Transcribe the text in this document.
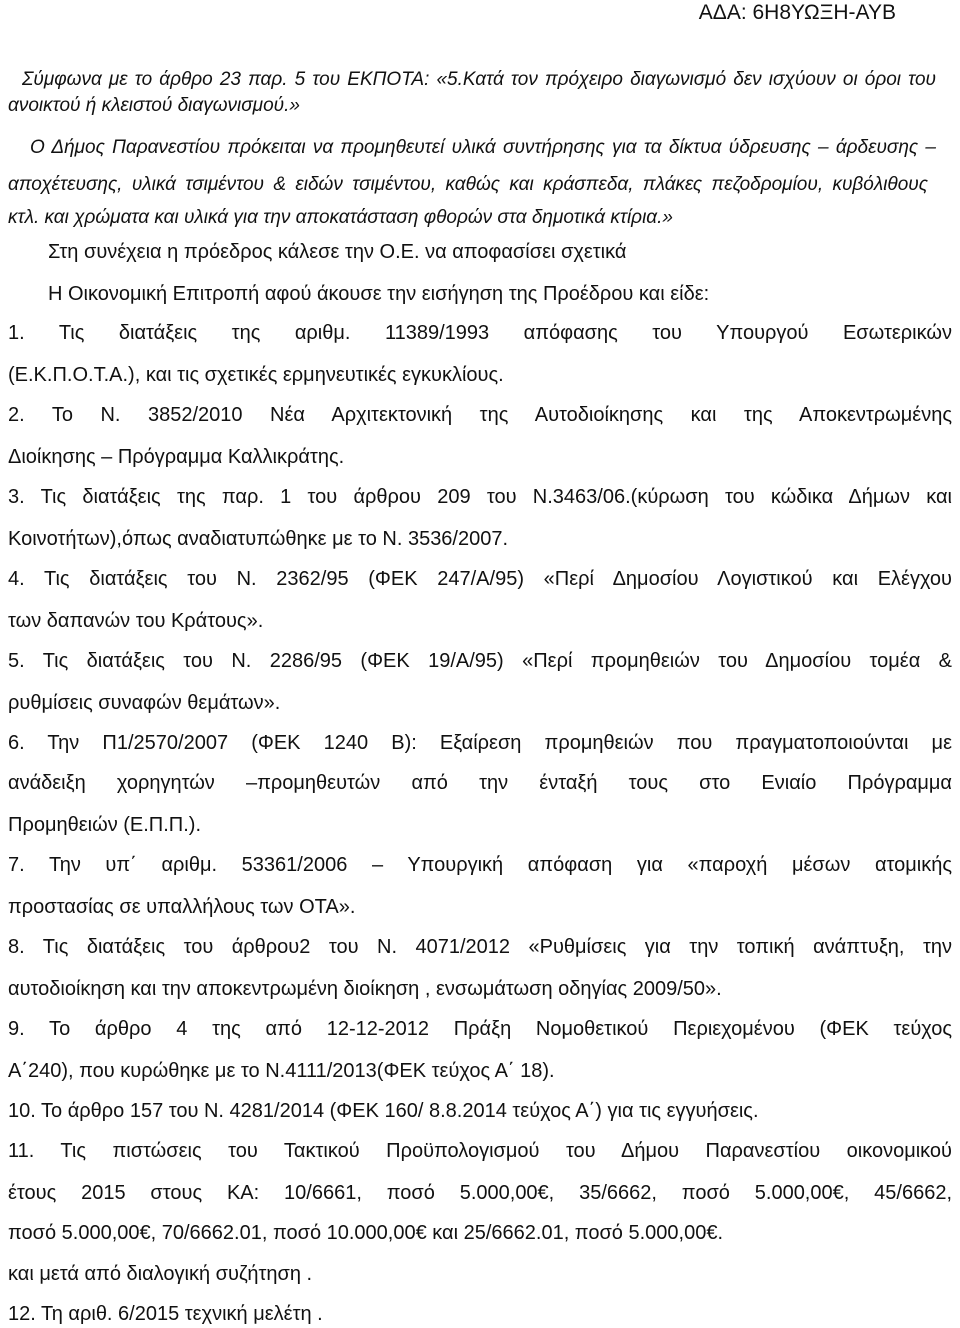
ΑΔΑ: 6Η8ΥΩΞΗ-ΑΥΒ
Σύμφωνα με το άρθρο 23 παρ. 5 του ΕΚΠΟΤΑ: «5.Κατά τον πρόχειρο διαγωνισμό δεν ισχύουν οι όροι του
ανοικτού ή κλειστού διαγωνισμού.»
Ο Δήμος Παρανεστίου πρόκειται να προμηθευτεί υλικά συντήρησης για τα δίκτυα ύδρευσης – άρδευσης –
αποχέτευσης, υλικά τσιμέντου & ειδών τσιμέντου, καθώς και κράσπεδα, πλάκες πεζοδρομίου, κυβόλιθους
κτλ. και χρώματα και υλικά για την αποκατάσταση φθορών στα δημοτικά κτίρια.»
Στη συνέχεια η πρόεδρος κάλεσε την Ο.Ε. να αποφασίσει σχετικά
Η Οικονομική Επιτροπή αφού άκουσε την εισήγηση της Προέδρου και είδε:
1. Τις διατάξεις της αριθμ. 11389/1993 απόφασης του Υπουργού Εσωτερικών
(Ε.Κ.Π.Ο.Τ.Α.), και τις σχετικές ερμηνευτικές εγκυκλίους.
2. Το Ν. 3852/2010 Νέα Αρχιτεκτονική της Αυτοδιοίκησης και της Αποκεντρωμένης
Διοίκησης – Πρόγραμμα Καλλικράτης.
3. Τις διατάξεις της παρ. 1 του άρθρου 209 του Ν.3463/06.(κύρωση του κώδικα Δήμων και
Κοινοτήτων),όπως αναδιατυπώθηκε με το Ν. 3536/2007.
4. Τις διατάξεις του Ν. 2362/95 (ΦΕΚ 247/Α/95) «Περί Δημοσίου Λογιστικού και Ελέγχου
των δαπανών του Κράτους».
5. Τις διατάξεις του Ν. 2286/95 (ΦΕΚ 19/Α/95) «Περί προμηθειών του Δημοσίου τομέα &
ρυθμίσεις συναφών θεμάτων».
6. Την Π1/2570/2007 (ΦΕΚ 1240 Β): Εξαίρεση προμηθειών που πραγματοποιούνται με
ανάδειξη χορηγητών –προμηθευτών από την ένταξή τους στο Ενιαίο Πρόγραμμα
Προμηθειών (Ε.Π.Π.).
7. Την υπ΄ αριθμ. 53361/2006 – Υπουργική απόφαση για «παροχή μέσων ατομικής
προστασίας σε υπαλλήλους των ΟΤΑ».
8. Τις διατάξεις του άρθρου2 του Ν. 4071/2012 «Ρυθμίσεις για την τοπική ανάπτυξη, την
αυτοδιοίκηση και την αποκεντρωμένη διοίκηση , ενσωμάτωση οδηγίας 2009/50».
9. Το άρθρο 4 της από 12-12-2012 Πράξη Νομοθετικού Περιεχομένου (ΦΕΚ τεύχος
Α΄240), που κυρώθηκε με το Ν.4111/2013(ΦΕΚ τεύχος Α΄ 18).
10. Το άρθρο 157 του Ν. 4281/2014 (ΦΕΚ 160/ 8.8.2014 τεύχος Α΄) για τις εγγυήσεις.
11. Τις πιστώσεις του Τακτικού Προϋπολογισμού του Δήμου Παρανεστίου οικονομικού
έτους 2015 στους ΚΑ: 10/6661, ποσό 5.000,00€, 35/6662, ποσό 5.000,00€, 45/6662,
ποσό 5.000,00€, 70/6662.01, ποσό 10.000,00€ και 25/6662.01, ποσό 5.000,00€.
και μετά από διαλογική συζήτηση .
12. Τη αριθ. 6/2015 τεχνική μελέτη .
